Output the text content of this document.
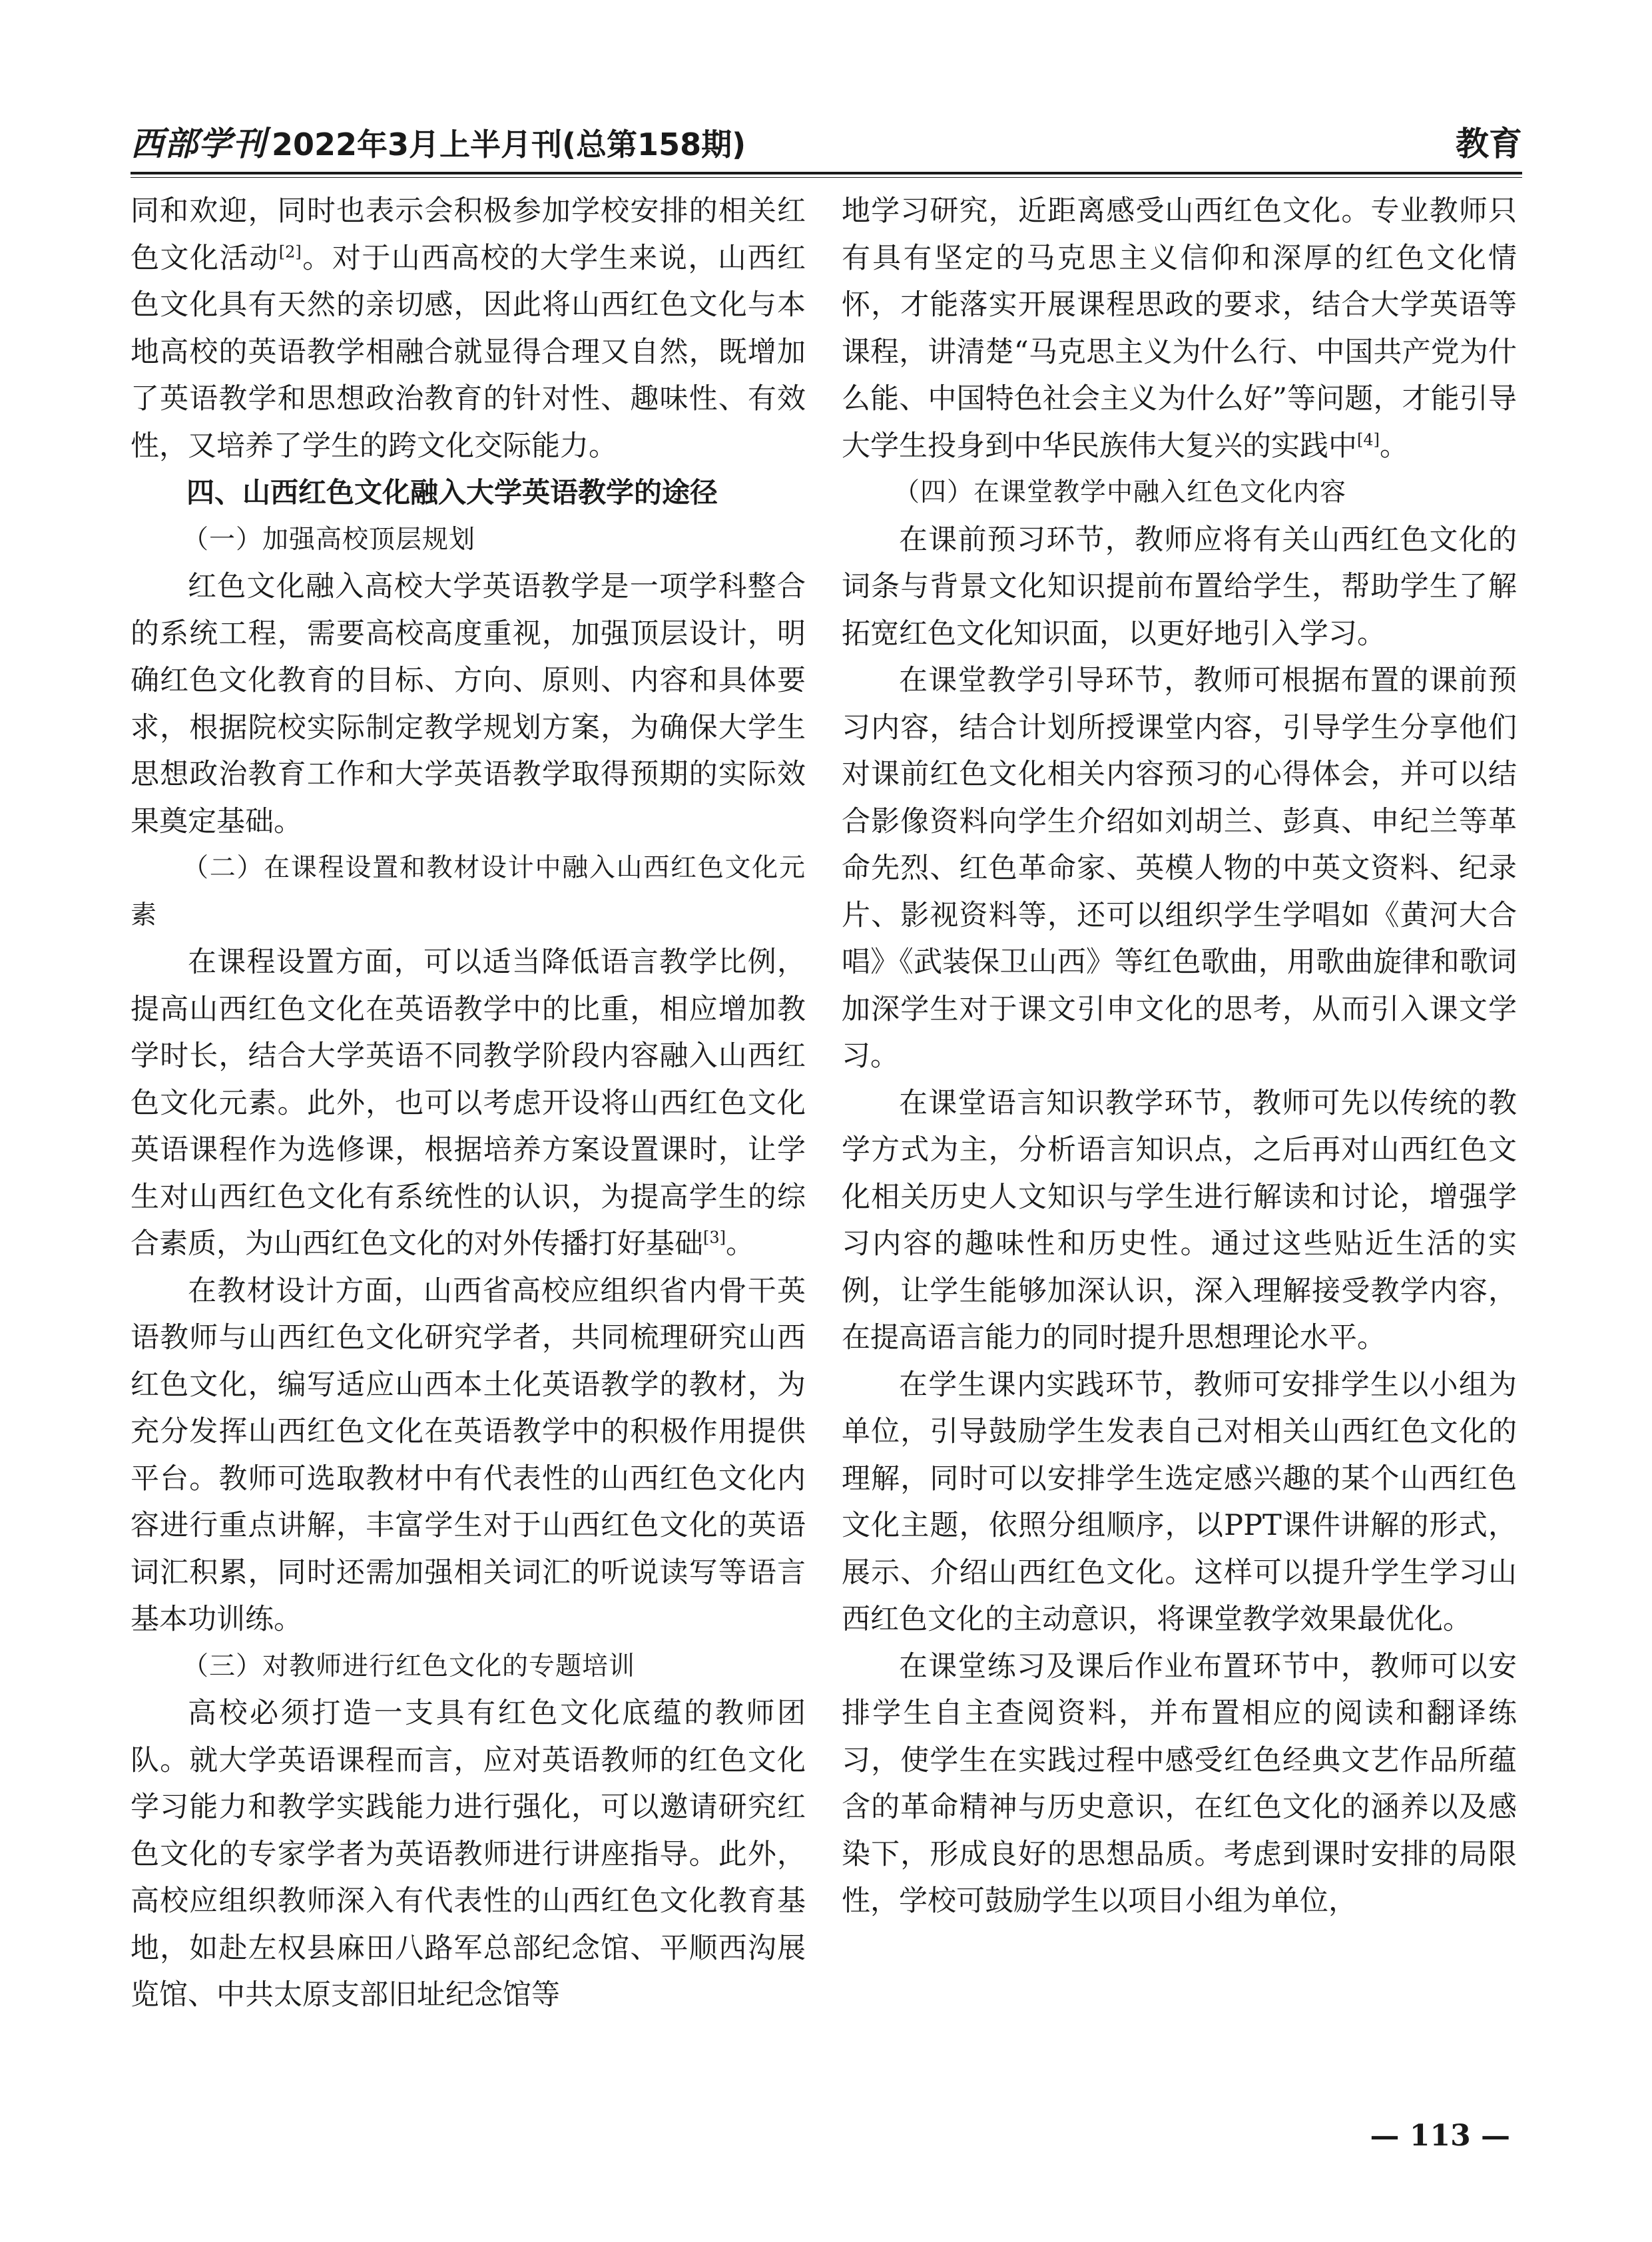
西部学刊 2022年3月上半月刊(总第158期)	教育

同和欢迎，同时也表示会积极参加学校安排的相关红色文化活动[2]。对于山西高校的大学生来说，山西红色文化具有天然的亲切感，因此将山西红色文化与本地高校的英语教学相融合就显得合理又自然，既增加了英语教学和思想政治教育的针对性、趣味性、有效性，又培养了学生的跨文化交际能力。

四、山西红色文化融入大学英语教学的途径

（一）加强高校顶层规划

红色文化融入高校大学英语教学是一项学科整合的系统工程，需要高校高度重视，加强顶层设计，明确红色文化教育的目标、方向、原则、内容和具体要求，根据院校实际制定教学规划方案，为确保大学生思想政治教育工作和大学英语教学取得预期的实际效果奠定基础。

（二）在课程设置和教材设计中融入山西红色文化元素

在课程设置方面，可以适当降低语言教学比例，提高山西红色文化在英语教学中的比重，相应增加教学时长，结合大学英语不同教学阶段内容融入山西红色文化元素。此外，也可以考虑开设将山西红色文化英语课程作为选修课，根据培养方案设置课时，让学生对山西红色文化有系统性的认识，为提高学生的综合素质，为山西红色文化的对外传播打好基础[3]。

在教材设计方面，山西省高校应组织省内骨干英语教师与山西红色文化研究学者，共同梳理研究山西红色文化，编写适应山西本土化英语教学的教材，为充分发挥山西红色文化在英语教学中的积极作用提供平台。教师可选取教材中有代表性的山西红色文化内容进行重点讲解，丰富学生对于山西红色文化的英语词汇积累，同时还需加强相关词汇的听说读写等语言基本功训练。

（三）对教师进行红色文化的专题培训

高校必须打造一支具有红色文化底蕴的教师团队。就大学英语课程而言，应对英语教师的红色文化学习能力和教学实践能力进行强化，可以邀请研究红色文化的专家学者为英语教师进行讲座指导。此外，高校应组织教师深入有代表性的山西红色文化教育基地，如赴左权县麻田八路军总部纪念馆、平顺西沟展览馆、中共太原支部旧址纪念馆等

地学习研究，近距离感受山西红色文化。专业教师只有具有坚定的马克思主义信仰和深厚的红色文化情怀，才能落实开展课程思政的要求，结合大学英语等课程，讲清楚“马克思主义为什么行、中国共产党为什么能、中国特色社会主义为什么好”等问题，才能引导大学生投身到中华民族伟大复兴的实践中[4]。

（四）在课堂教学中融入红色文化内容

在课前预习环节，教师应将有关山西红色文化的词条与背景文化知识提前布置给学生，帮助学生了解拓宽红色文化知识面，以更好地引入学习。

在课堂教学引导环节，教师可根据布置的课前预习内容，结合计划所授课堂内容，引导学生分享他们对课前红色文化相关内容预习的心得体会，并可以结合影像资料向学生介绍如刘胡兰、彭真、申纪兰等革命先烈、红色革命家、英模人物的中英文资料、纪录片、影视资料等，还可以组织学生学唱如《黄河大合唱》《武装保卫山西》等红色歌曲，用歌曲旋律和歌词加深学生对于课文引申文化的思考，从而引入课文学习。

在课堂语言知识教学环节，教师可先以传统的教学方式为主，分析语言知识点，之后再对山西红色文化相关历史人文知识与学生进行解读和讨论，增强学习内容的趣味性和历史性。通过这些贴近生活的实例，让学生能够加深认识，深入理解接受教学内容，在提高语言能力的同时提升思想理论水平。

在学生课内实践环节，教师可安排学生以小组为单位，引导鼓励学生发表自己对相关山西红色文化的理解，同时可以安排学生选定感兴趣的某个山西红色文化主题，依照分组顺序，以PPT课件讲解的形式，展示、介绍山西红色文化。这样可以提升学生学习山西红色文化的主动意识，将课堂教学效果最优化。

在课堂练习及课后作业布置环节中，教师可以安排学生自主查阅资料，并布置相应的阅读和翻译练习，使学生在实践过程中感受红色经典文艺作品所蕴含的革命精神与历史意识，在红色文化的涵养以及感染下，形成良好的思想品质。考虑到课时安排的局限性，学校可鼓励学生以项目小组为单位，

— 113 —
